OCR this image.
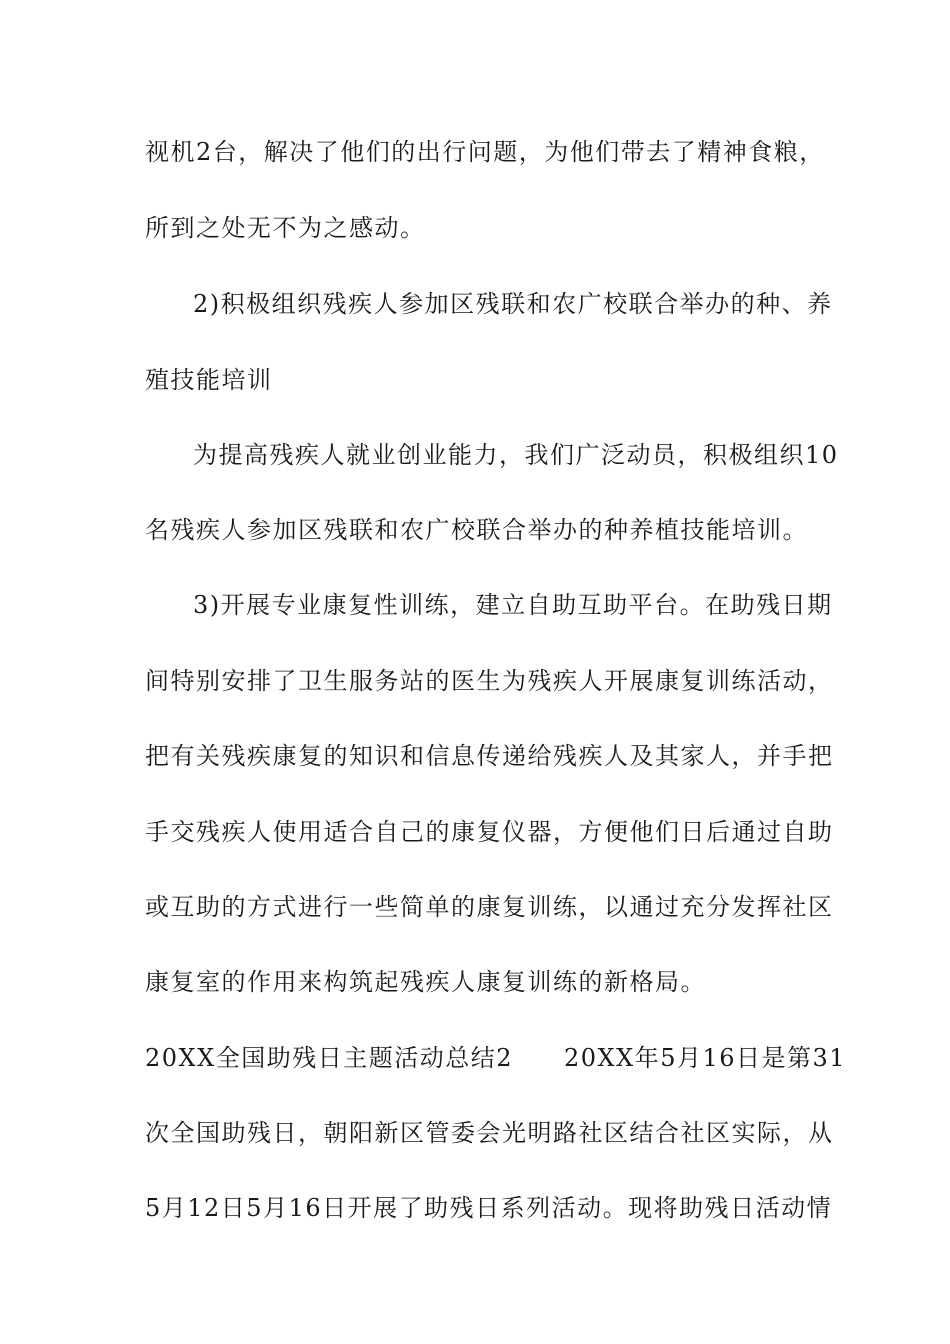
视机2台，解决了他们的出行问题，为他们带去了精神食粮，
所到之处无不为之感动。
2)积极组织残疾人参加区残联和农广校联合举办的种、养
殖技能培训
为提高残疾人就业创业能力，我们广泛动员，积极组织10
名残疾人参加区残联和农广校联合举办的种养植技能培训。
3)开展专业康复性训练，建立自助互助平台。在助残日期
间特别安排了卫生服务站的医生为残疾人开展康复训练活动，
把有关残疾康复的知识和信息传递给残疾人及其家人，并手把
手交残疾人使用适合自己的康复仪器，方便他们日后通过自助
或互助的方式进行一些简单的康复训练，以通过充分发挥社区
康复室的作用来构筑起残疾人康复训练的新格局。
20XX全国助残日主题活动总结2　　20XX年5月16日是第31
次全国助残日，朝阳新区管委会光明路社区结合社区实际，从
5月12日5月16日开展了助残日系列活动。现将助残日活动情
